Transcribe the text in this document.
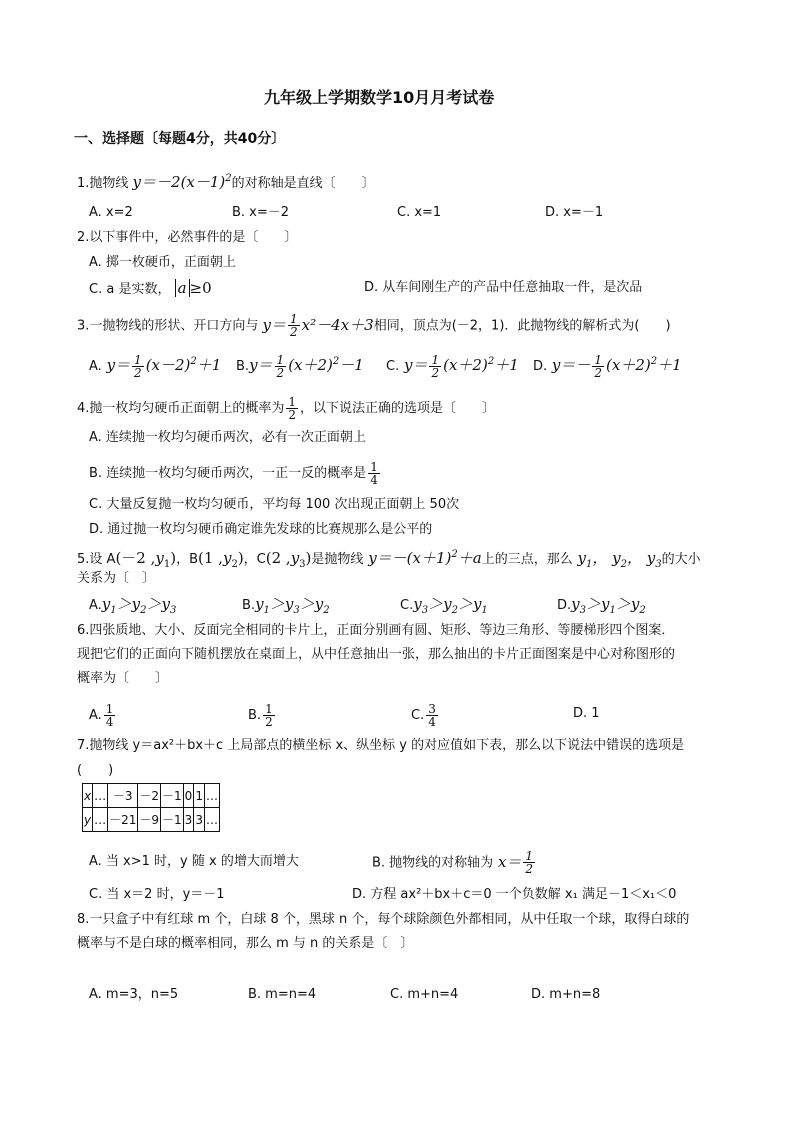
九年级上学期数学10月月考试卷
一、选择题〔每题4分，共40分〕
1.抛物线 $y=-2(x-1)^2$的对称轴是直线〔　　〕
A. x=2	B. x=－2	C. x=1	D. x=－1
2.以下事件中，必然事件的是〔　　〕
A. 掷一枚硬币，正面朝上
C. a 是实数， a ≥0	D. 从车间刚生产的产品中任意抽取一件，是次品
3.一抛物线的形状、开口方向与 $y= \frac{1}{2} x^2-4x+3$相同，顶点为(－2，1)．此抛物线的解析式为(　　)
A. $y= \frac{1}{2} (x-2)^2+1$ $B.y= \frac{1}{2} (x+2)^2-1$ C. $y= \frac{1}{2} (x+2)^2+1$ D. $y=- \frac{1}{2} (x+2)^2+1$
4.抛一枚均匀硬币正面朝上的概率为 $\frac{1}{2}$ ，以下说法正确的选项是〔　　〕
A. 连续抛一枚均匀硬币两次，必有一次正面朝上
B. 连续抛一枚均匀硬币两次，一正一反的概率是 $\frac{1}{4}$
C. 大量反复抛一枚均匀硬币，平均每 100 次出现正面朝上 50次
D. 通过抛一枚均匀硬币确定谁先发球的比赛规那么是公平的
5.设 A(－2 $,y_1$)，B(1 $,y_2$)，C(2 $,y_3$)是抛物线 $y=-(x+1)^2+a$上的三点，那么 $y_1$， $y_2$， $y_3$的大小
关系为〔　〕
$A.y_1>y_2>y_3$	$B.y_1>y_3>y_2$	$C.y_3>y_2>y_1$	$D.y_3>y_1>y_2$
6.四张质地、大小、反面完全相同的卡片上，正面分别画有圆、矩形、等边三角形、等腰梯形四个图案．
现把它们的正面向下随机摆放在桌面上，从中任意抽出一张，那么抽出的卡片正面图案是中心对称图形的
概率为〔　　〕
A. $\frac{1}{4}$	B. $\frac{1}{2}$	C. $\frac{3}{4}$	D. 1
7.抛物线 y＝ax²＋bx＋c 上局部点的横坐标 x、纵坐标 y 的对应值如下表，那么以下说法中错误的选项是
(　　)
x	…	－3	－2	－1	0	1	…
y	…	－21	－9	－1	3	3	…
A. 当 x>1 时，y 随 x 的增大而增大	B. 抛物线的对称轴为 $x= \frac{1}{2}$
C. 当 x＝2 时，y＝－1	D. 方程 ax²＋bx＋c＝0 一个负数解 x₁ 满足－1＜x₁＜0
8.一只盒子中有红球 m 个，白球 8 个，黑球 n 个，每个球除颜色外都相同，从中任取一个球，取得白球的
概率与不是白球的概率相同，那么 m 与 n 的关系是〔　〕
A. m=3，n=5	B. m=n=4	C. m+n=4	D. m+n=8
